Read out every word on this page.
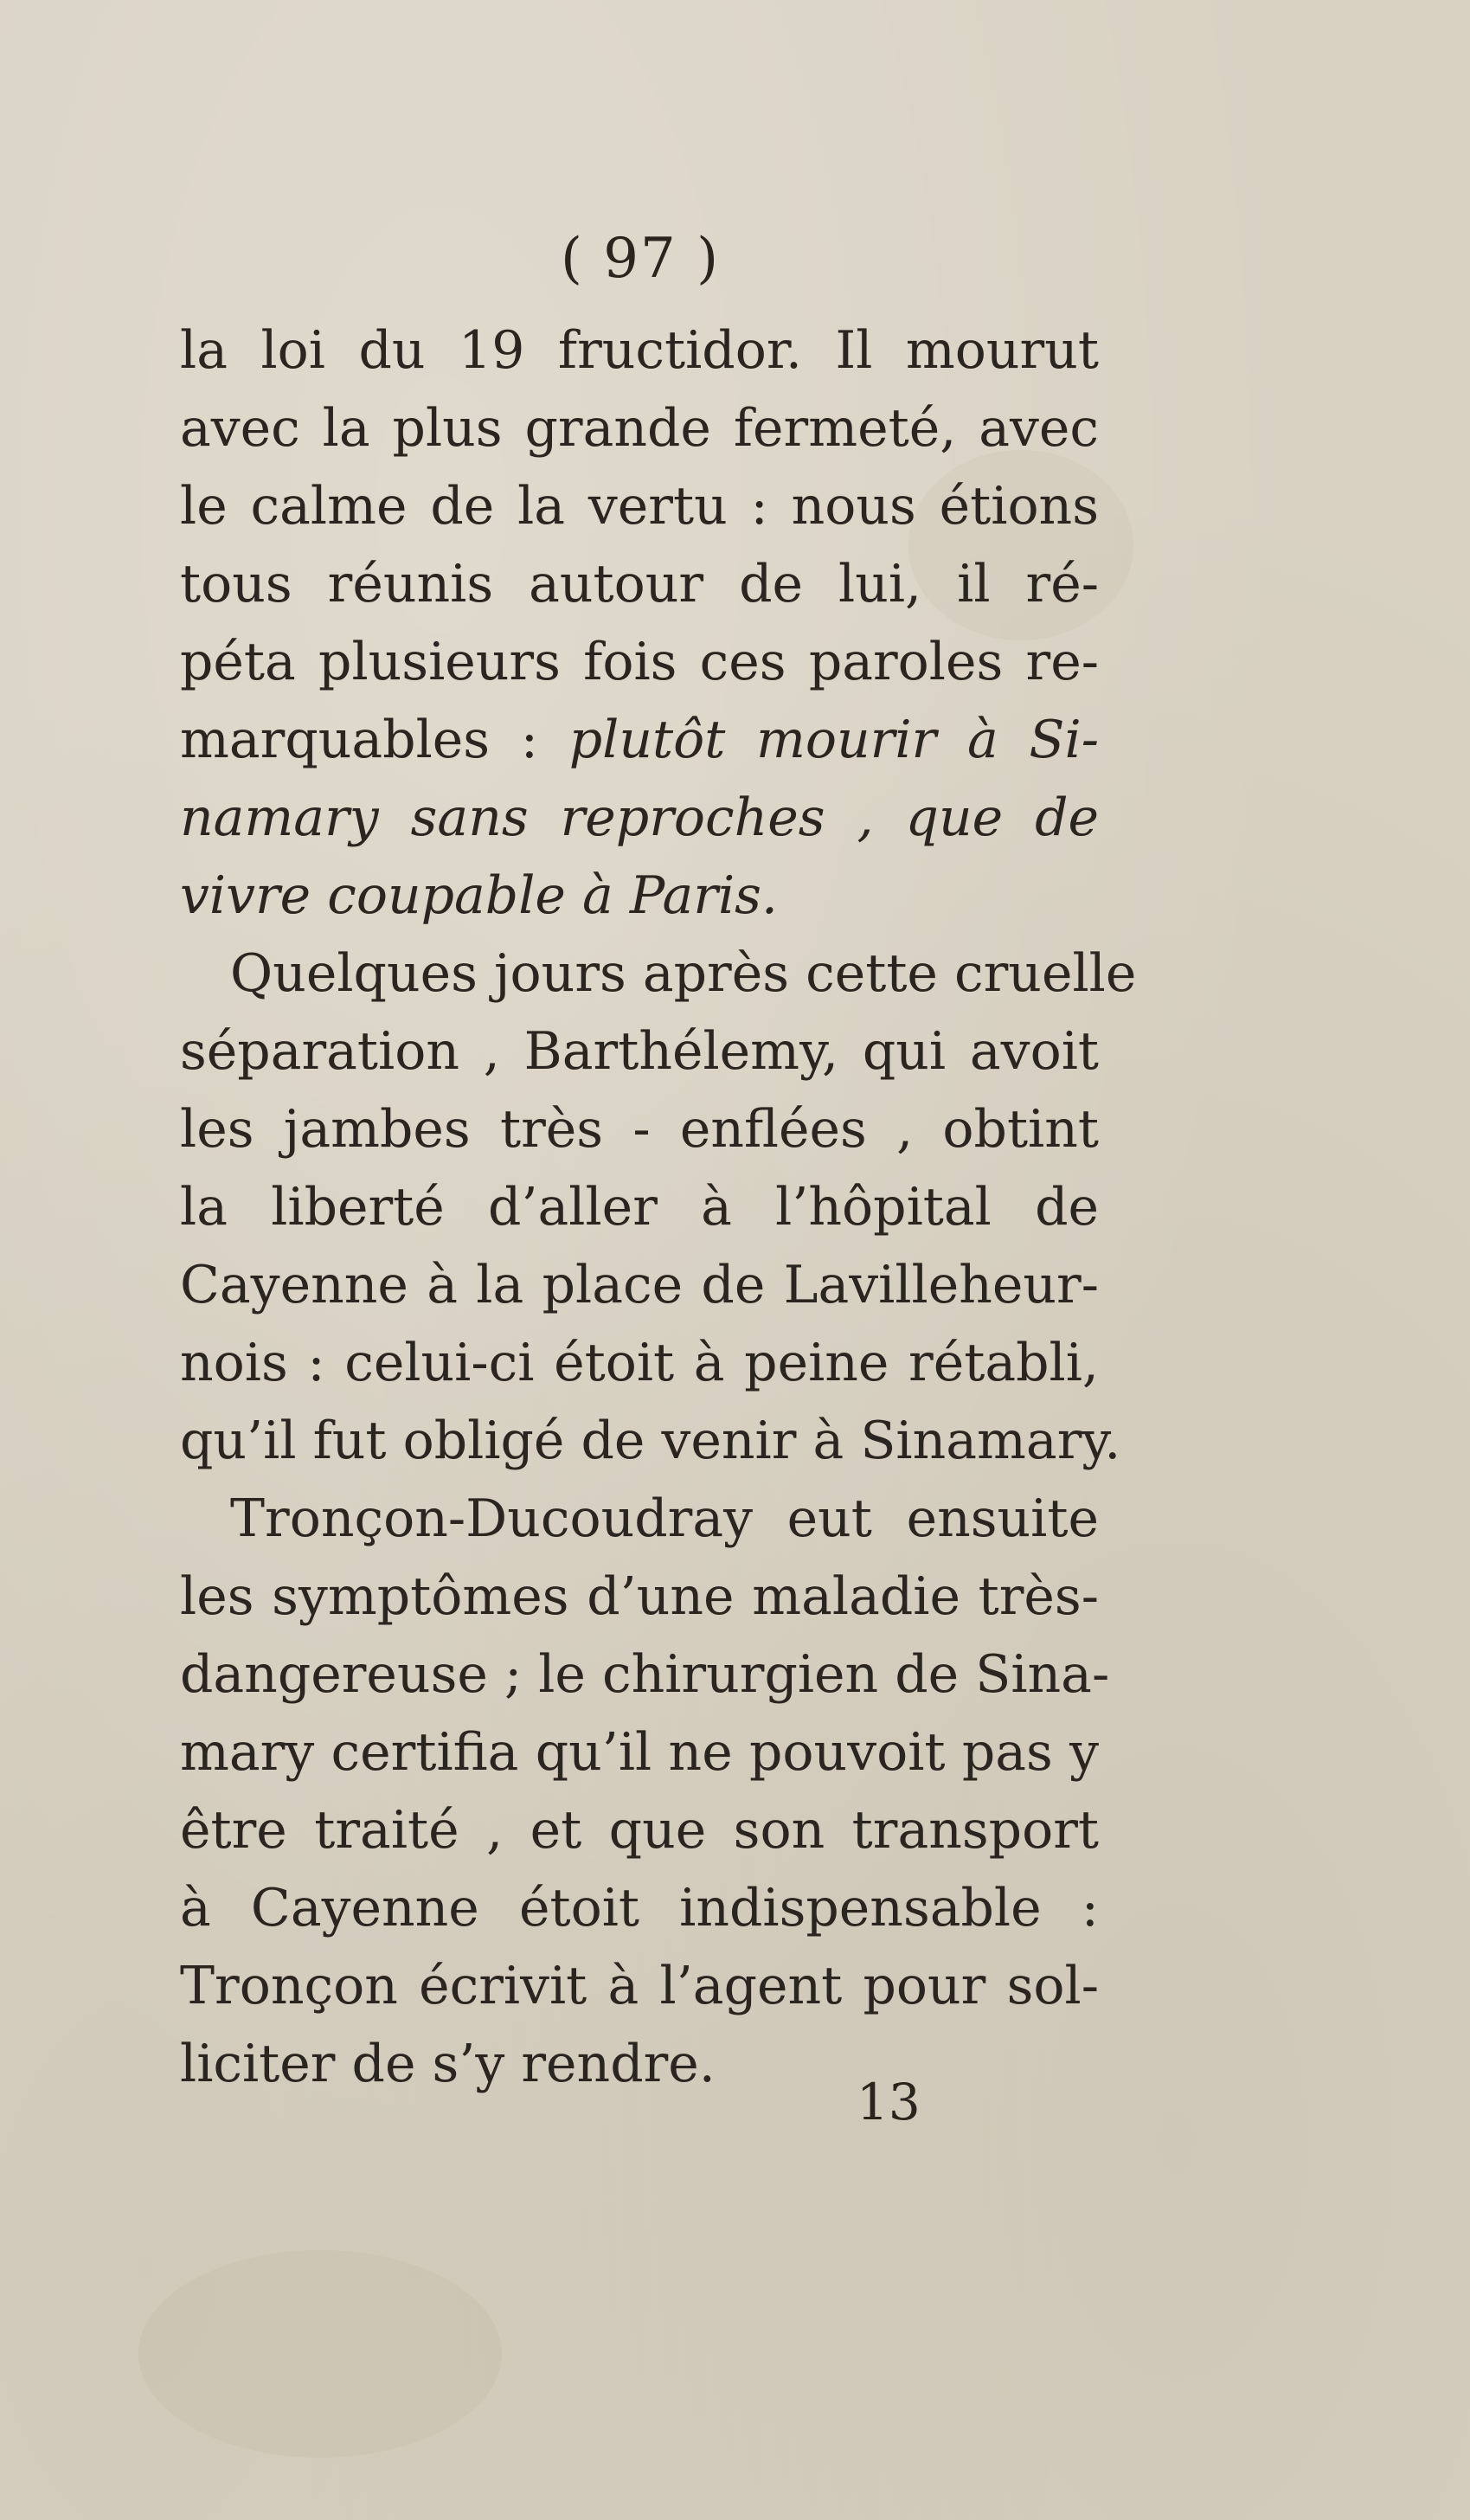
( 97 )
la loi du 19 fructidor. Il mourut
avec la plus grande fermeté, avec
le calme de la vertu : nous étions
tous réunis autour de lui, il ré-
péta plusieurs fois ces paroles re-
marquables : plutôt mourir à Si-
namary sans reproches , que de
vivre coupable à Paris.
Quelques jours après cette cruelle
séparation , Barthélemy, qui avoit
les jambes très - enflées , obtint
la liberté d’aller à l’hôpital de
Cayenne à la place de Lavilleheur-
nois : celui-ci étoit à peine rétabli,
qu’il fut obligé de venir à Sinamary.
Tronçon-Ducoudray eut ensuite
les symptômes d’une maladie très-
dangereuse ; le chirurgien de Sina-
mary certifia qu’il ne pouvoit pas y
être traité , et que son transport
à Cayenne étoit indispensable :
Tronçon écrivit à l’agent pour sol-
liciter de s’y rendre.
13
